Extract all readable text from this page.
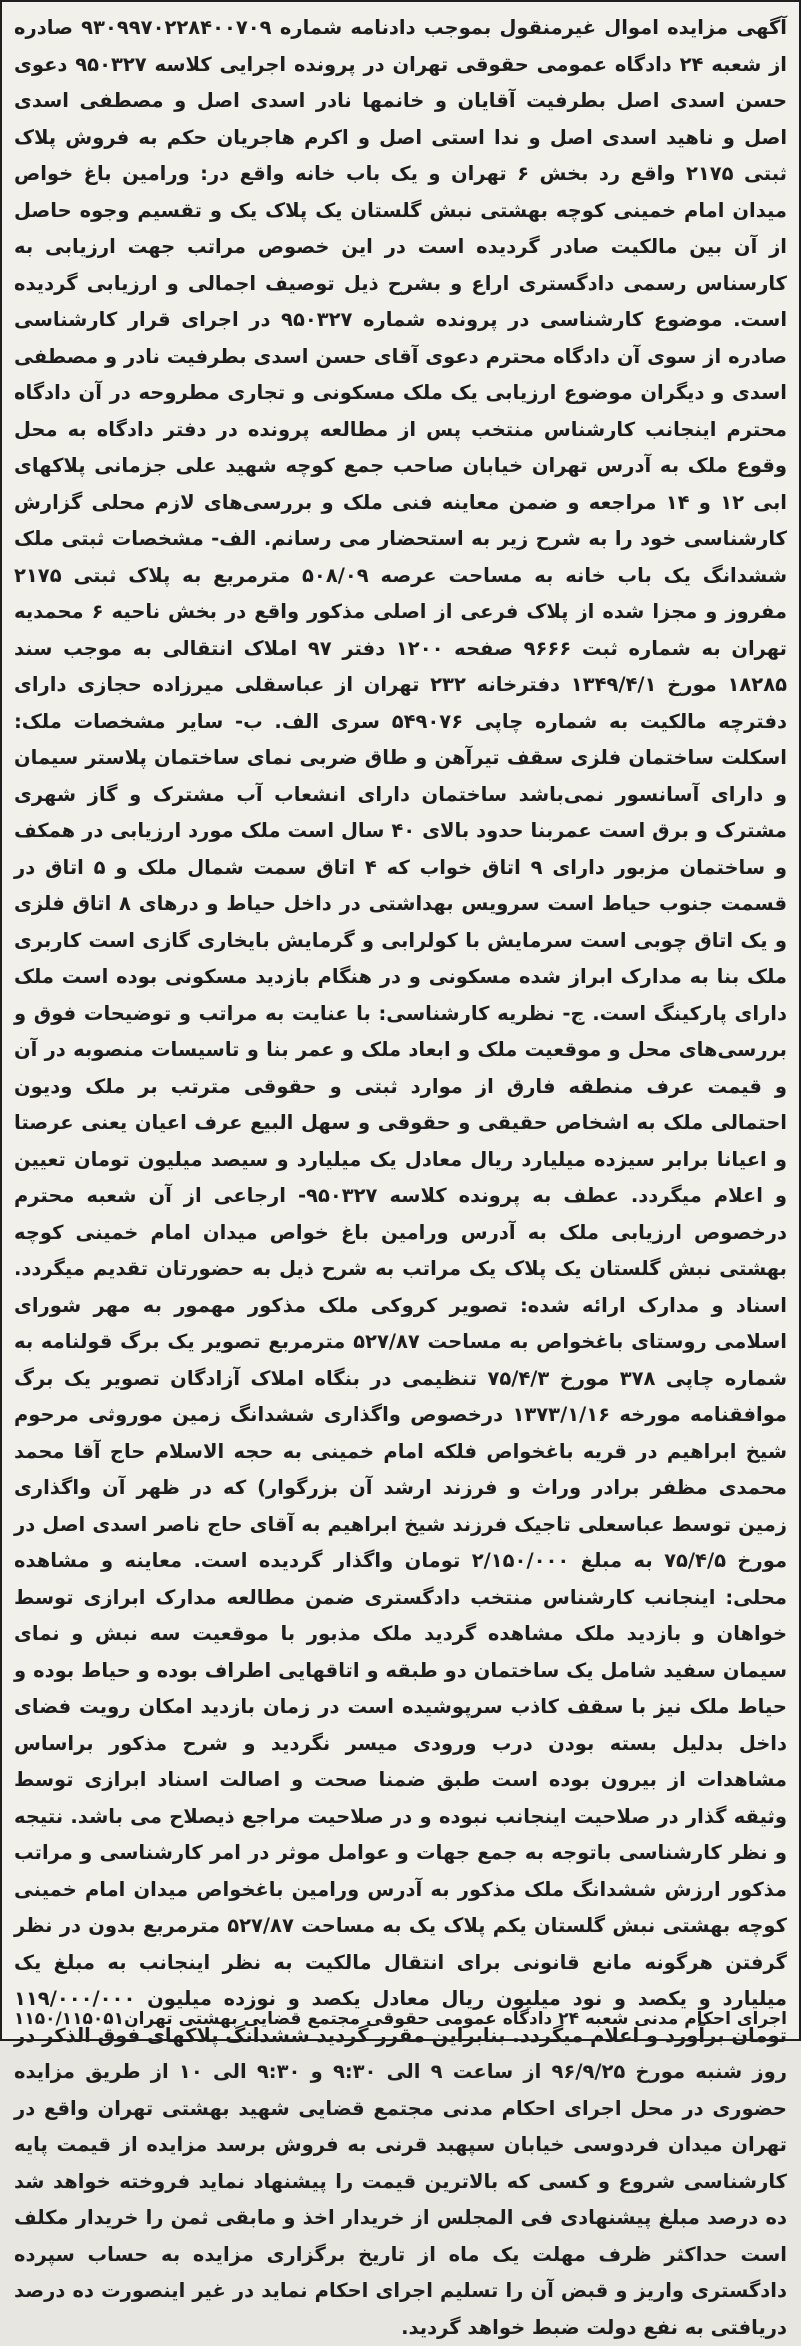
آگهی مزایده اموال غیرمنقول بموجب دادنامه شماره ۹۳۰۹۹۷۰۲۲۸۴۰۰۷۰۹ صادره از شعبه ۲۴ دادگاه عمومی حقوقی تهران در پرونده اجرایی کلاسه ۹۵۰۳۲۷ دعوی حسن اسدی اصل بطرفیت آقایان و خانمها نادر اسدی اصل و مصطفی اسدی اصل و ناهید اسدی اصل و ندا استی اصل و اکرم هاجریان حکم به فروش پلاک ثبتی ۲۱۷۵ واقع رد بخش ۶ تهران و یک باب خانه واقع در: ورامین باغ خواص میدان امام خمینی کوچه بهشتی نبش گلستان یک پلاک یک و تقسیم وجوه حاصل از آن بین مالکیت صادر گردیده است در این خصوص مراتب جهت ارزیابی به کارسناس رسمی دادگستری اراع و بشرح ذیل توصیف اجمالی و ارزیابی گردیده است. موضوع کارشناسی در پرونده شماره ۹۵۰۳۲۷ در اجرای قرار کارشناسی صادره از سوی آن دادگاه محترم دعوی آقای حسن اسدی بطرفیت نادر و مصطفی اسدی و دیگران موضوع ارزیابی یک ملک مسکونی و تجاری مطروحه در آن دادگاه محترم اینجانب کارشناس منتخب پس از مطالعه پرونده در دفتر دادگاه به محل وقوع ملک به آدرس تهران خیابان صاحب جمع کوچه شهید علی جزمانی پلاکهای ابی ۱۲ و ۱۴ مراجعه و ضمن معاینه فنی ملک و بررسی‌های لازم محلی گزارش کارشناسی خود را به شرح زیر به استحضار می رسانم. الف- مشخصات ثبتی ملک ششدانگ یک باب خانه به مساحت عرصه ۵۰۸/۰۹ مترمربع به پلاک ثبتی ۲۱۷۵ مفروز و مجزا شده از پلاک فرعی از اصلی مذکور واقع در بخش ناحیه ۶ محمدیه تهران به شماره ثبت ۹۶۶۶ صفحه ۱۲۰۰ دفتر ۹۷ املاک انتقالی به موجب سند ۱۸۲۸۵ مورخ ۱۳۴۹/۴/۱ دفترخانه ۲۳۲ تهران از عباسقلی میرزاده حجازی دارای دفترچه مالکیت به شماره چاپی ۵۴۹۰۷۶ سری الف. ب- سایر مشخصات ملک: اسکلت ساختمان فلزی سقف تیرآهن و طاق ضربی نمای ساختمان پلاستر سیمان و دارای آسانسور نمی‌باشد ساختمان دارای انشعاب آب مشترک و گاز شهری مشترک و برق است عمربنا حدود بالای ۴۰ سال است ملک مورد ارزیابی در همکف و ساختمان مزبور دارای ۹ اتاق خواب که ۴ اتاق سمت شمال ملک و ۵ اتاق در قسمت جنوب حیاط است سرویس بهداشتی در داخل حیاط و درهای ۸ اتاق فلزی و یک اتاق چوبی است سرمایش با کولرابی و گرمایش بایخاری گازی است کاربری ملک بنا به مدارک ابراز شده مسکونی و در هنگام بازدید مسکونی بوده است ملک دارای پارکینگ است. ج- نظریه کارشناسی: با عنایت به مراتب و توضیحات فوق و بررسی‌های محل و موقعیت ملک و ابعاد ملک و عمر بنا و تاسیسات منصوبه در آن و قیمت عرف منطقه فارق از موارد ثبتی و حقوقی مترتب بر ملک ودیون احتمالی ملک به اشخاص حقیقی و حقوقی و سهل البیع عرف اعیان یعنی عرصتا و اعیانا برابر سیزده میلیارد ریال معادل یک میلیارد و سیصد میلیون تومان تعیین و اعلام میگردد. عطف به پرونده کلاسه ۹۵۰۳۲۷- ارجاعی از آن شعبه محترم درخصوص ارزیابی ملک به آدرس ورامین باغ خواص میدان امام خمینی کوچه بهشتی نبش گلستان یک پلاک یک مراتب به شرح ذیل به حضورتان تقدیم میگردد. اسناد و مدارک ارائه شده: تصویر کروکی ملک مذکور مهمور به مهر شورای اسلامی روستای باغخواص به مساحت ۵۲۷/۸۷ مترمربع تصویر یک برگ قولنامه به شماره چاپی ۳۷۸ مورخ ۷۵/۴/۳ تنظیمی در بنگاه املاک آزادگان تصویر یک برگ موافقنامه مورخه ۱۳۷۳/۱/۱۶ درخصوص واگذاری ششدانگ زمین موروثی مرحوم شیخ ابراهیم در قریه باغخواص فلکه امام خمینی به حجه الاسلام حاج آقا محمد محمدی مظفر برادر وراث و فرزند ارشد آن بزرگوار) که در ظهر آن واگذاری زمین توسط عباسعلی تاجیک فرزند شیخ ابراهیم به آقای حاج ناصر اسدی اصل در مورخ ۷۵/۴/۵ به مبلغ ۲/۱۵۰/۰۰۰ تومان واگذار گردیده است. معاینه و مشاهده محلی: اینجانب کارشناس منتخب دادگستری ضمن مطالعه مدارک ابرازی توسط خواهان و بازدید ملک مشاهده گردید ملک مذبور با موقعیت سه نبش و نمای سیمان سفید شامل یک ساختمان دو طبقه و اتاقهایی اطراف بوده و حیاط بوده و حیاط ملک نیز با سقف کاذب سرپوشیده است در زمان بازدید امکان رویت فضای داخل بدلیل بسته بودن درب ورودی میسر نگردید و شرح مذکور براساس مشاهدات از بیرون بوده است طبق ضمنا صحت و اصالت اسناد ابرازی توسط وثیقه گذار در صلاحیت اینجانب نبوده و در صلاحیت مراجع ذیصلاح می باشد. نتیجه و نظر کارشناسی باتوجه به جمع جهات و عوامل موثر در امر کارشناسی و مراتب مذکور ارزش ششدانگ ملک مذکور به آدرس ورامین باغخواص میدان امام خمینی کوچه بهشتی نبش گلستان یکم پلاک یک به مساحت ۵۲۷/۸۷ مترمربع بدون در نظر گرفتن هرگونه مانع قانونی برای انتقال مالکیت به نظر اینجانب به مبلغ یک میلیارد و یکصد و نود میلیون ریال معادل یکصد و نوزده میلیون ۱۱۹/۰۰۰/۰۰۰ تومان برآورد و اعلام میگردد. بنابراین مقرر گردید ششدانگ پلاکهای فوق الذکر در روز شنبه مورخ ۹۶/۹/۲۵ از ساعت ۹ الی ۹:۳۰ و ۹:۳۰ الی ۱۰ از طریق مزایده حضوری در محل اجرای احکام مدنی مجتمع قضایی شهید بهشتی تهران واقع در تهران میدان فردوسی خیابان سپهبد قرنی به فروش برسد مزایده از قیمت پایه کارشناسی شروع و کسی که بالاترین قیمت را پیشنهاد نماید فروخته خواهد شد ده درصد مبلغ پیشنهادی فی المجلس از خریدار اخذ و مابقی ثمن را خریدار مکلف است حداکثر ظرف مهلت یک ماه از تاریخ برگزاری مزایده به حساب سپرده دادگستری واریز و قبض آن را تسلیم اجرای احکام نماید در غیر اینصورت ده درصد دریافتی به نفع دولت ضبط خواهد گردید.

اجرای احکام مدنی شعبه ۲۴ دادگاه عمومی حقوقی مجتمع قضایی بهشتی تهران
۱۱۵۰/۱۱۵۰۵۱
